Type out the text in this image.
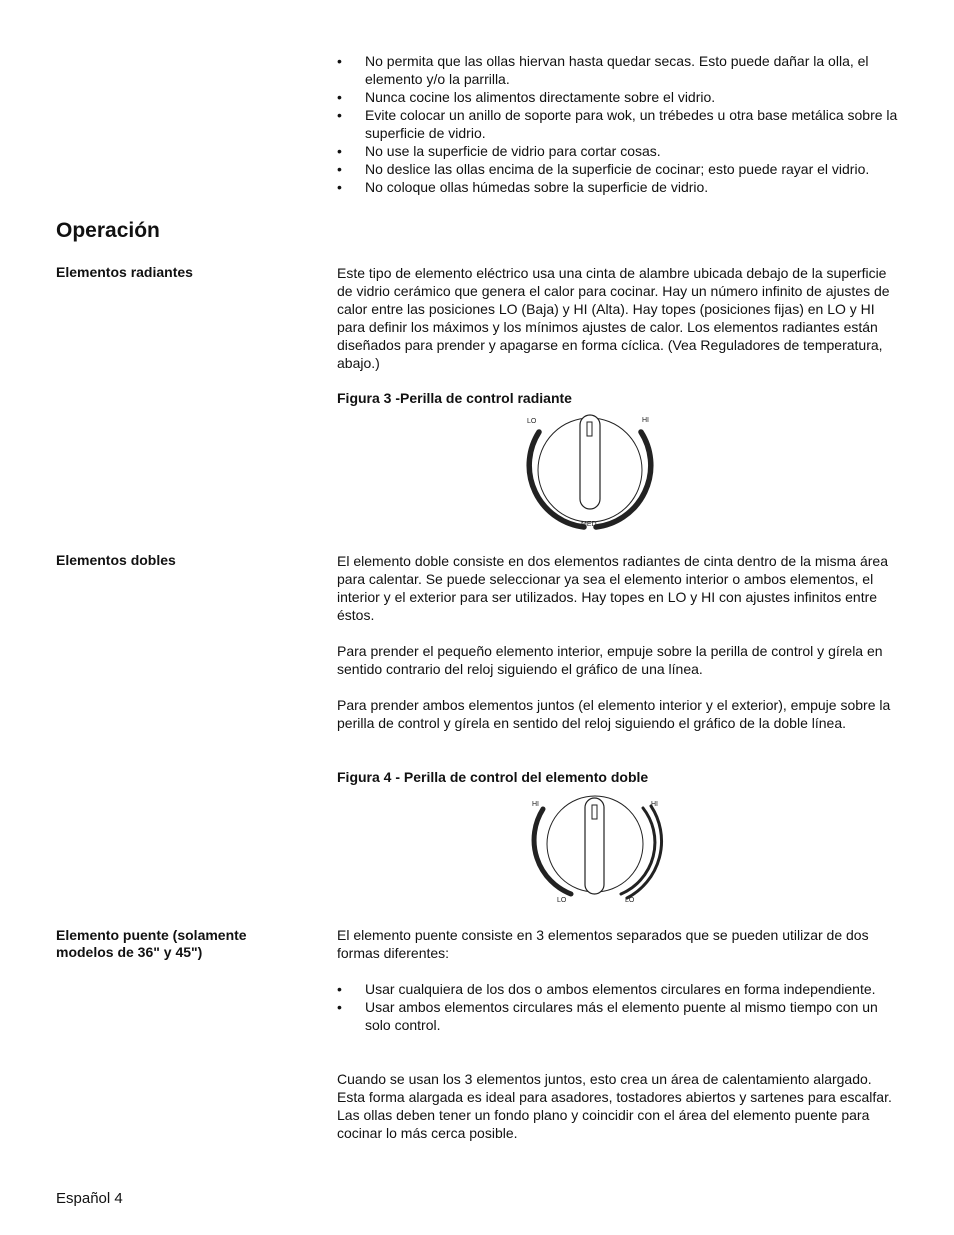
• No permita que las ollas hiervan hasta quedar secas. Esto puede dañar la olla, el elemento y/o la parrilla.
• Nunca cocine los alimentos directamente sobre el vidrio.
• Evite colocar un anillo de soporte para wok, un trébedes u otra base metálica sobre la superficie de vidrio.
• No use la superficie de vidrio para cortar cosas.
• No deslice las ollas encima de la superficie de cocinar; esto puede rayar el vidrio.
• No coloque ollas húmedas sobre la superficie de vidrio.
Operación
Elementos radiantes	Este tipo de elemento eléctrico usa una cinta de alambre ubicada debajo de la superficie de vidrio cerámico que genera el calor para cocinar. Hay un número infinito de ajustes de calor entre las posiciones LO (Baja) y HI (Alta). Hay topes (posiciones fijas) en LO y HI para definir los máximos y los mínimos ajustes de calor. Los elementos radiantes están diseñados para prender y apagarse en forma cíclica. (Vea Reguladores de temperatura, abajo.)

Figura 3 -Perilla de control radiante

LO	HI
MED
Elementos dobles	El elemento doble consiste en dos elementos radiantes de cinta dentro de la misma área para calentar. Se puede seleccionar ya sea el elemento interior o ambos elementos, el interior y el exterior para ser utilizados. Hay topes en LO y HI con ajustes infinitos entre éstos.

Para prender el pequeño elemento interior, empuje sobre la perilla de control y gírela en sentido contrario del reloj siguiendo el gráfico de una línea.

Para prender ambos elementos juntos (el elemento interior y el exterior), empuje sobre la perilla de control y gírela en sentido del reloj siguiendo el gráfico de la doble línea.

Figura 4 - Perilla de control del elemento doble

HI	HI
LO	LO
Elemento puente (solamente modelos de 36" y 45")

El elemento puente consiste en 3 elementos separados que se pueden utilizar de dos formas diferentes:

• Usar cualquiera de los dos o ambos elementos circulares en forma independiente.
• Usar ambos elementos circulares más el elemento puente al mismo tiempo con un solo control.

Cuando se usan los 3 elementos juntos, esto crea un área de calentamiento alargado. Esta forma alargada es ideal para asadores, tostadores abiertos y sartenes para escalfar. Las ollas deben tener un fondo plano y coincidir con el área del elemento puente para cocinar lo más cerca posible.

Español 4
